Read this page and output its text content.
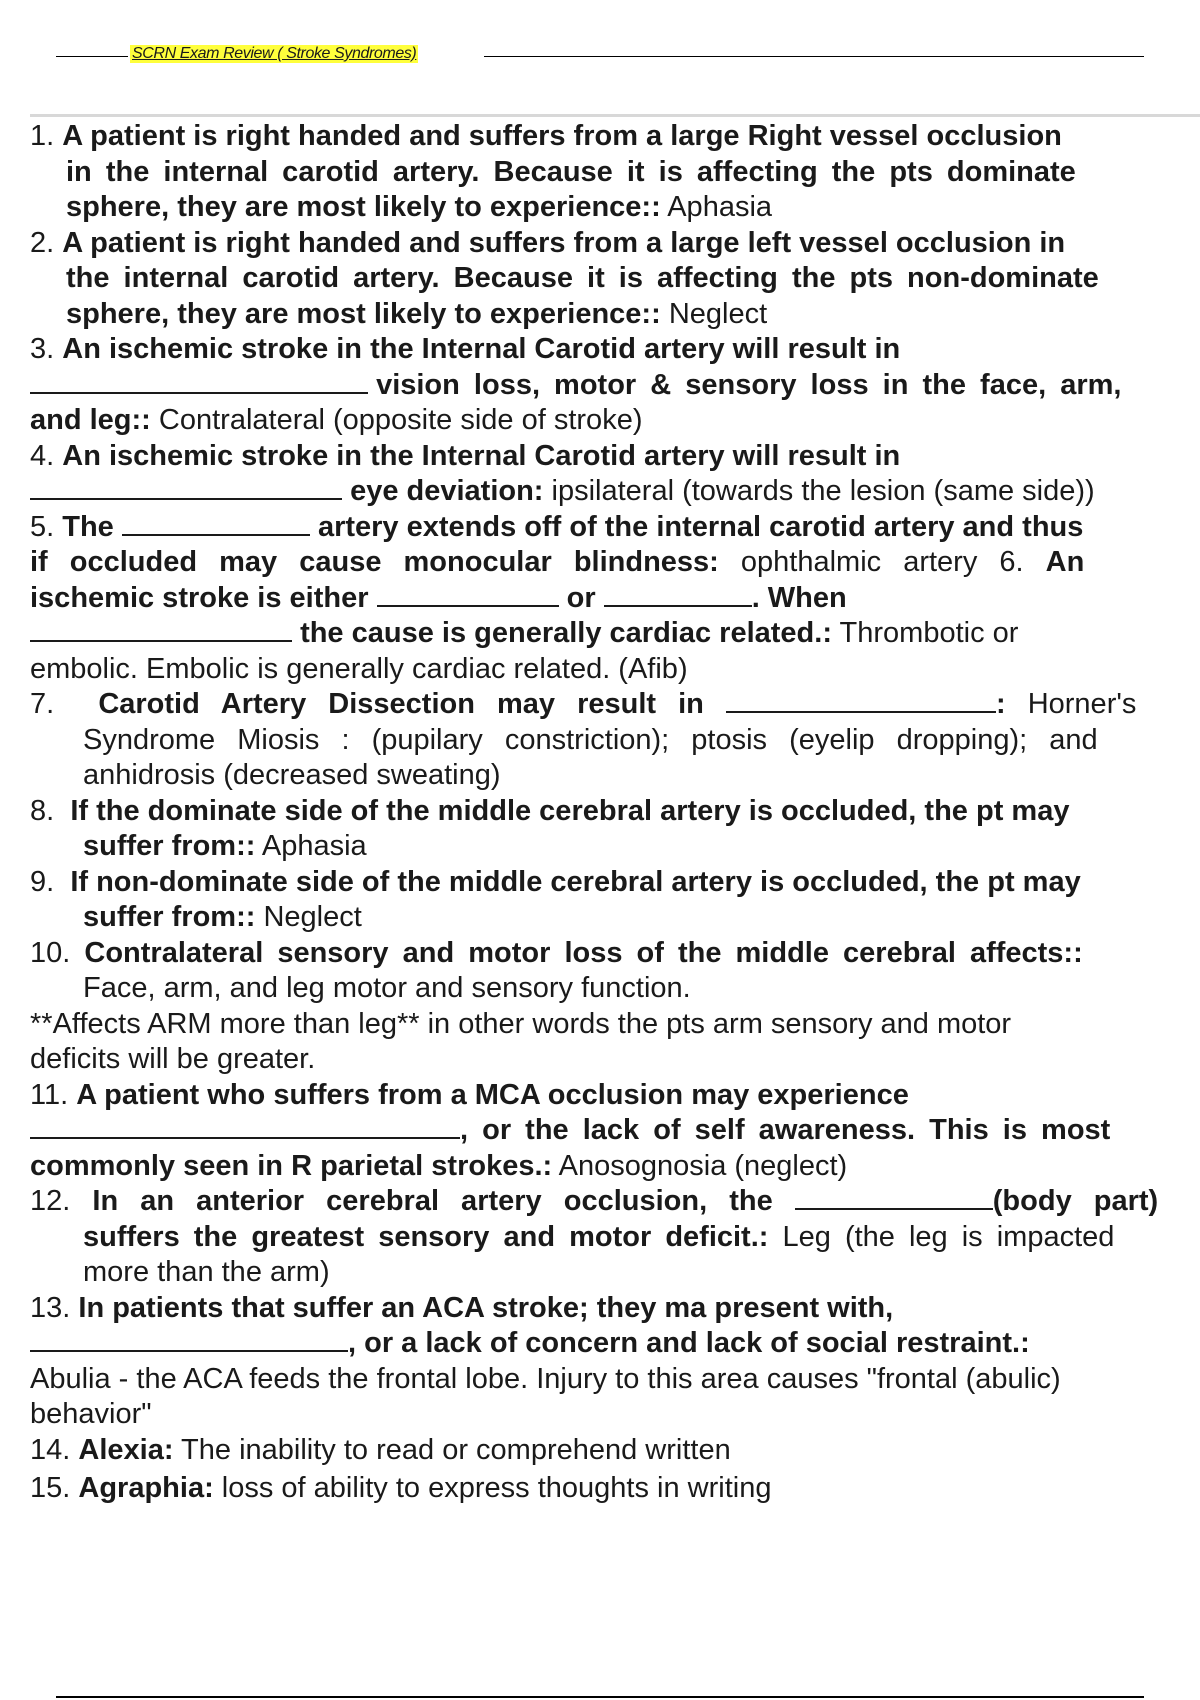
SCRN Exam Review ( Stroke Syndromes)
1. A patient is right handed and suffers from a large Right vessel occlusion
in the internal carotid artery. Because it is affecting the pts dominate
sphere, they are most likely to experience:: Aphasia
2. A patient is right handed and suffers from a large left vessel occlusion in
the internal carotid artery. Because it is affecting the pts non-dominate
sphere, they are most likely to experience:: Neglect
3. An ischemic stroke in the Internal Carotid artery will result in
vision loss, motor & sensory loss in the face, arm,
and leg:: Contralateral (opposite side of stroke)
4. An ischemic stroke in the Internal Carotid artery will result in
eye deviation: ipsilateral (towards the lesion (same side))
5. The	artery extends off of the internal carotid artery and thus
if occluded may cause monocular blindness: ophthalmic artery 6. An
ischemic stroke is either	or	. When
the cause is generally cardiac related.: Thrombotic or
embolic. Embolic is generally cardiac related. (Afib)
7. Carotid Artery Dissection may result in	: Horner's
Syndrome Miosis : (pupilary constriction); ptosis (eyelip dropping); and
anhidrosis (decreased sweating)
8. If the dominate side of the middle cerebral artery is occluded, the pt may
suffer from:: Aphasia
9. If non-dominate side of the middle cerebral artery is occluded, the pt may
suffer from:: Neglect
10. Contralateral sensory and motor loss of the middle cerebral affects::
Face, arm, and leg motor and sensory function.
**Affects ARM more than leg** in other words the pts arm sensory and motor
deficits will be greater.
11. A patient who suffers from a MCA occlusion may experience
, or the lack of self awareness. This is most
commonly seen in R parietal strokes.: Anosognosia (neglect)
12. In an anterior cerebral artery occlusion, the	(body part)
suffers the greatest sensory and motor deficit.: Leg (the leg is impacted
more than the arm)
13. In patients that suffer an ACA stroke; they ma present with,
, or a lack of concern and lack of social restraint.:
Abulia - the ACA feeds the frontal lobe. Injury to this area causes "frontal (abulic)
behavior"
14. Alexia: The inability to read or comprehend written
15. Agraphia: loss of ability to express thoughts in writing
